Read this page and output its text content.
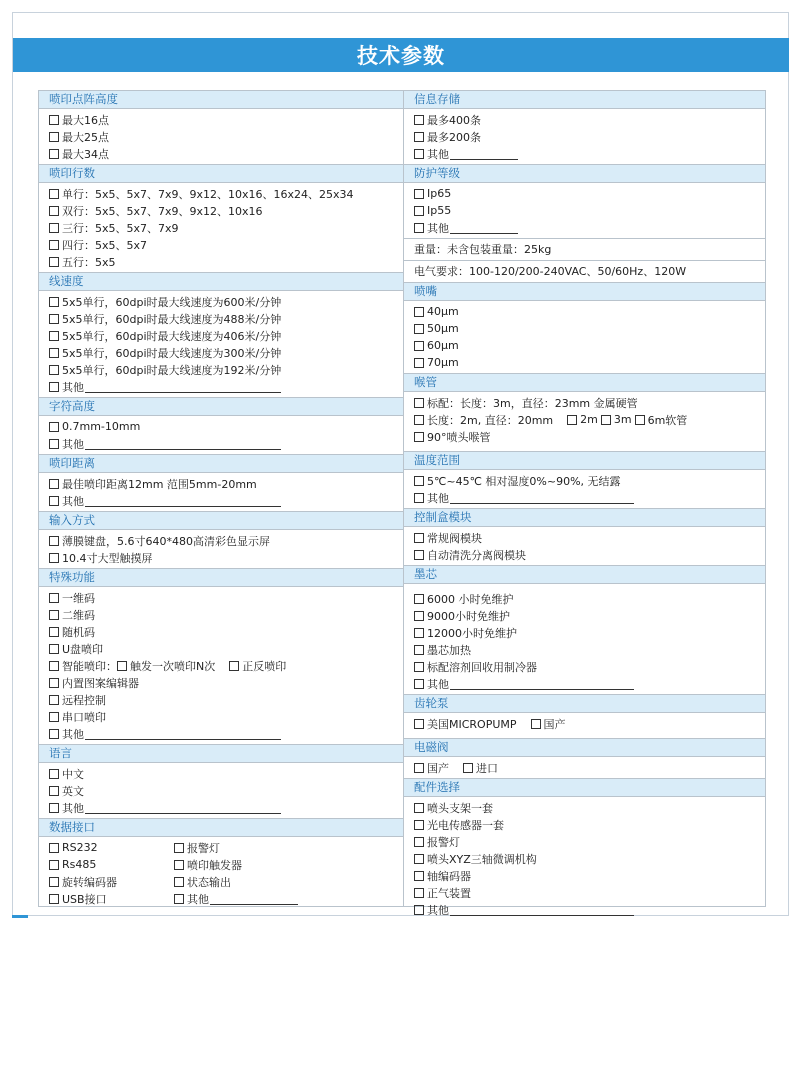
技术参数
喷印点阵高度
最大16点
最大25点
最大34点
喷印行数
单行：5x5、5x7、7x9、9x12、10x16、16x24、25x34
双行：5x5、5x7、7x9、9x12、10x16
三行：5x5、5x7、7x9
四行：5x5、5x7
五行：5x5
线速度
5x5单行，60dpi时最大线速度为600米/分钟
5x5单行，60dpi时最大线速度为488米/分钟
5x5单行，60dpi时最大线速度为406米/分钟
5x5单行，60dpi时最大线速度为300米/分钟
5x5单行，60dpi时最大线速度为192米/分钟
其他
字符高度
0.7mm-10mm
其他
喷印距离
最佳喷印距离12mm 范围5mm-20mm
其他
输入方式
薄膜键盘，5.6寸640*480高清彩色显示屏
10.4寸大型触摸屏
特殊功能
一维码
二维码
随机码
U盘喷印
智能喷印： 触发一次喷印N次 正反喷印
内置图案编辑器
远程控制
串口喷印
其他
语言
中文
英文
其他
数据接口
RS232	报警灯
Rs485	喷印触发器
旋转编码器	状态输出
USB接口	其他
信息存储
最多400条
最多200条
其他
防护等级
Ip65
Ip55
其他
重量：未含包装重量：25kg
电气要求：100-120/200-240VAC、50/60Hz、120W
喷嘴
40μm
50μm
60μm
70μm
喉管
标配：长度：3m，直径：23mm 金属硬管
长度：2m, 直径：20mm 2m 3m 6m软管
90°喷头喉管
温度范围
5℃~45℃ 相对湿度0%~90%, 无结露
其他
控制盒模块
常规阀模块
自动清洗分离阀模块
墨芯
6000 小时免维护
9000小时免维护
12000小时免维护
墨芯加热
标配溶剂回收用制冷器
其他
齿轮泵
美国MICROPUMP 国产
电磁阀
国产 进口
配件选择
喷头支架一套
光电传感器一套
报警灯
喷头XYZ三轴微调机构
轴编码器
正气装置
其他
